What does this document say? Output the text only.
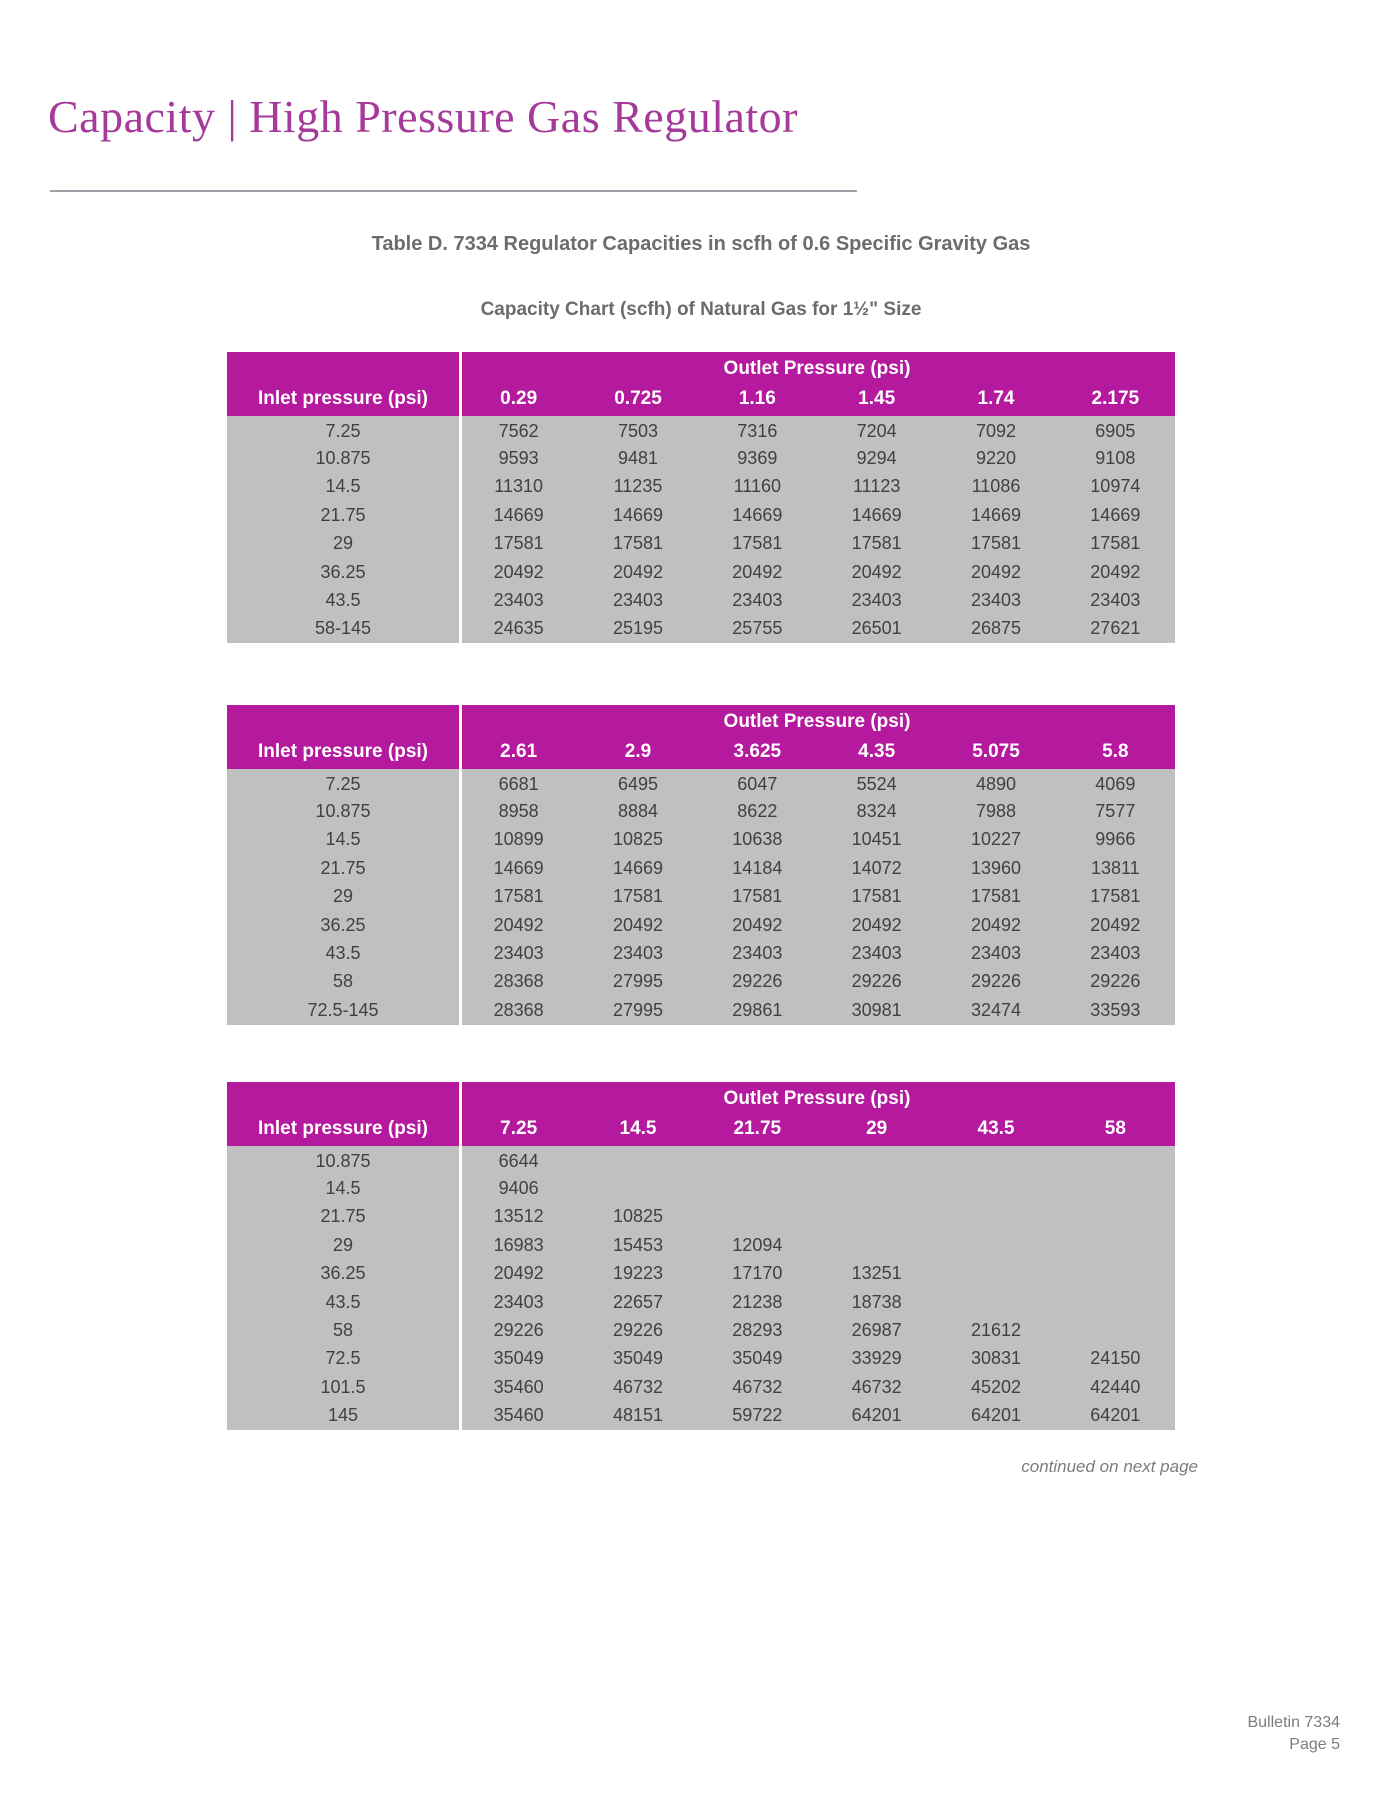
Capacity | High Pressure Gas Regulator
Table D. 7334 Regulator Capacities in scfh of 0.6 Specific Gravity Gas
Capacity Chart (scfh) of Natural Gas for 1½" Size
Outlet Pressure (psi)
Inlet pressure (psi)	0.29	0.725	1.16	1.45	1.74	2.175
7.25	7562	7503	7316	7204	7092	6905
10.875	9593	9481	9369	9294	9220	9108
14.5	11310	11235	11160	11123	11086	10974
21.75	14669	14669	14669	14669	14669	14669
29	17581	17581	17581	17581	17581	17581
36.25	20492	20492	20492	20492	20492	20492
43.5	23403	23403	23403	23403	23403	23403
58-145	24635	25195	25755	26501	26875	27621
Outlet Pressure (psi)
Inlet pressure (psi)	2.61	2.9	3.625	4.35	5.075	5.8
7.25	6681	6495	6047	5524	4890	4069
10.875	8958	8884	8622	8324	7988	7577
14.5	10899	10825	10638	10451	10227	9966
21.75	14669	14669	14184	14072	13960	13811
29	17581	17581	17581	17581	17581	17581
36.25	20492	20492	20492	20492	20492	20492
43.5	23403	23403	23403	23403	23403	23403
58	28368	27995	29226	29226	29226	29226
72.5-145	28368	27995	29861	30981	32474	33593
Outlet Pressure (psi)
Inlet pressure (psi)	7.25	14.5	21.75	29	43.5	58
10.875	6644
14.5	9406
21.75	13512	10825
29	16983	15453	12094
36.25	20492	19223	17170	13251
43.5	23403	22657	21238	18738
58	29226	29226	28293	26987	21612
72.5	35049	35049	35049	33929	30831	24150
101.5	35460	46732	46732	46732	45202	42440
145	35460	48151	59722	64201	64201	64201
continued on next page
Bulletin 7334
Page 5
